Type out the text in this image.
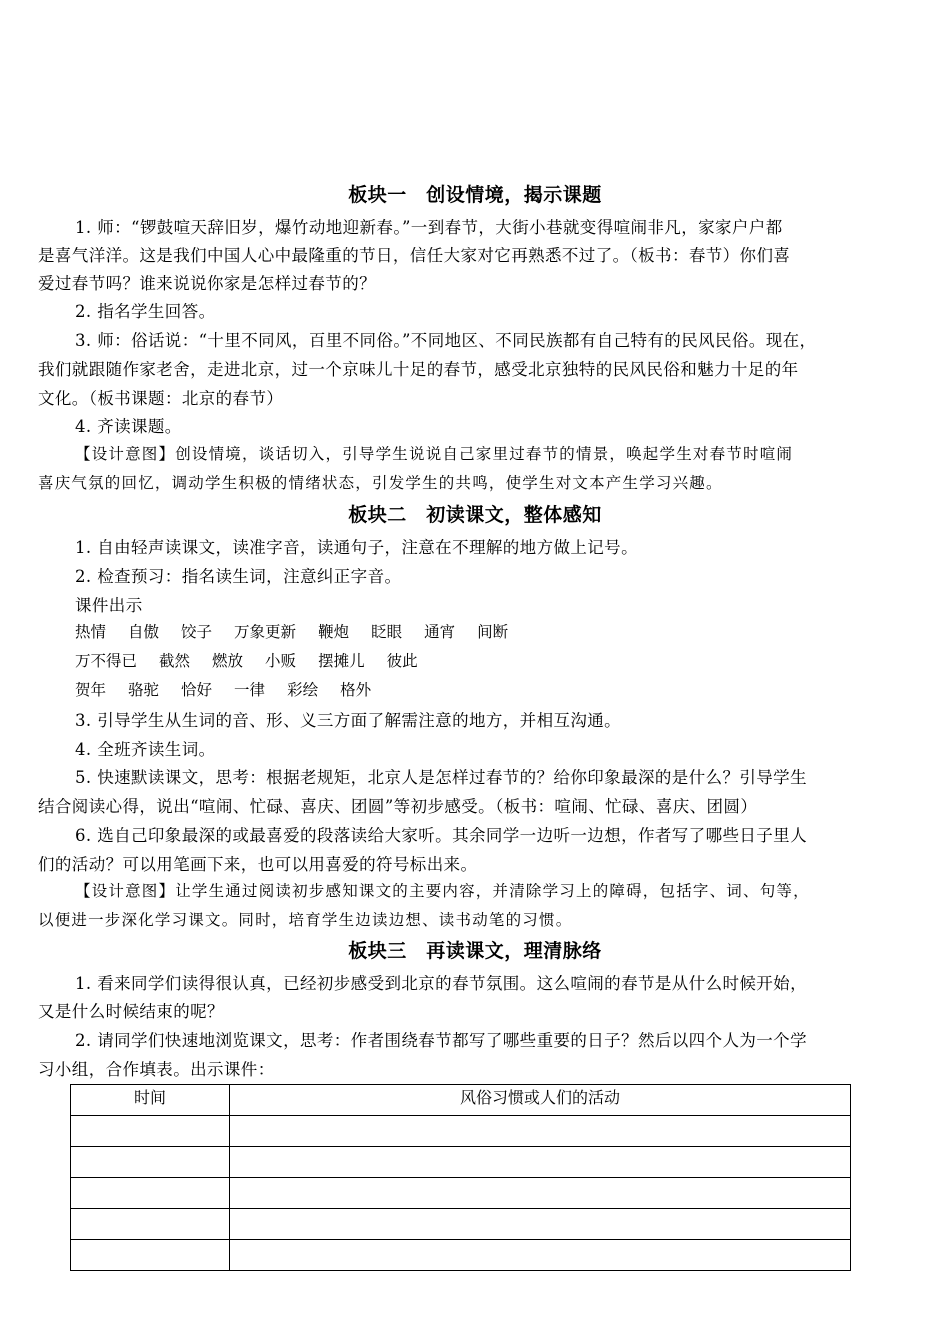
板块一　创设情境，揭示课题
1. 师：“锣鼓喧天辞旧岁，爆竹动地迎新春。”一到春节，大街小巷就变得喧闹非凡，家家户户都
是喜气洋洋。这是我们中国人心中最隆重的节日，信任大家对它再熟悉不过了。（板书：春节）你们喜
爱过春节吗？谁来说说你家是怎样过春节的？
2. 指名学生回答。
3. 师：俗话说：“十里不同风，百里不同俗。”不同地区、不同民族都有自己特有的民风民俗。现在，
我们就跟随作家老舍，走进北京，过一个京味儿十足的春节，感受北京独特的民风民俗和魅力十足的年
文化。（板书课题：北京的春节）
4. 齐读课题。
【设计意图】创设情境，谈话切入，引导学生说说自己家里过春节的情景，唤起学生对春节时喧闹
喜庆气氛的回忆，调动学生积极的情绪状态，引发学生的共鸣，使学生对文本产生学习兴趣。
板块二　初读课文，整体感知
1. 自由轻声读课文，读准字音，读通句子，注意在不理解的地方做上记号。
2. 检查预习：指名读生词，注意纠正字音。
课件出示
热情 自傲 饺子 万象更新 鞭炮 眨眼 通宵 间断
万不得已 截然 燃放 小贩 摆摊儿 彼此
贺年 骆驼 恰好 一律 彩绘 格外
3. 引导学生从生词的音、形、义三方面了解需注意的地方，并相互沟通。
4. 全班齐读生词。
5. 快速默读课文，思考：根据老规矩，北京人是怎样过春节的？给你印象最深的是什么？引导学生
结合阅读心得，说出“喧闹、忙碌、喜庆、团圆”等初步感受。（板书：喧闹、忙碌、喜庆、团圆）
6. 选自己印象最深的或最喜爱的段落读给大家听。其余同学一边听一边想，作者写了哪些日子里人
们的活动？可以用笔画下来，也可以用喜爱的符号标出来。
【设计意图】让学生通过阅读初步感知课文的主要内容，并清除学习上的障碍，包括字、词、句等，
以便进一步深化学习课文。同时，培育学生边读边想、读书动笔的习惯。
板块三　再读课文，理清脉络
1. 看来同学们读得很认真，已经初步感受到北京的春节氛围。这么喧闹的春节是从什么时候开始，
又是什么时候结束的呢？
2. 请同学们快速地浏览课文，思考：作者围绕春节都写了哪些重要的日子？然后以四个人为一个学
习小组，合作填表。出示课件：
时间	风俗习惯或人们的活动
